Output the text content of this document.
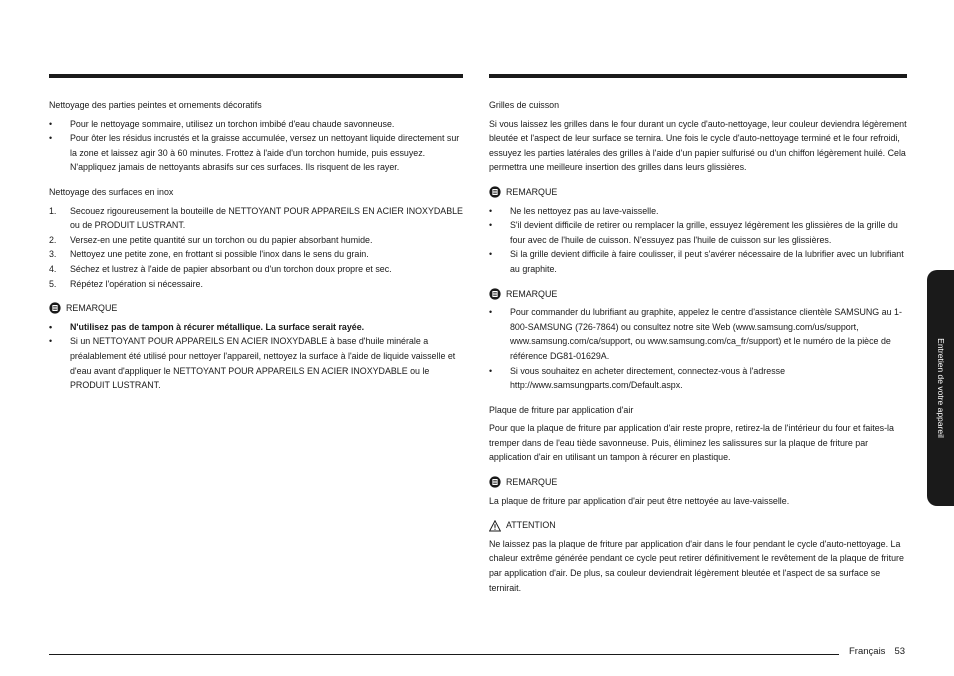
Nettoyage des parties peintes et ornements décoratifs
• Pour le nettoyage sommaire, utilisez un torchon imbibé d'eau chaude savonneuse.
• Pour ôter les résidus incrustés et la graisse accumulée, versez un nettoyant liquide directement sur la zone et laissez agir 30 à 60 minutes. Frottez à l'aide d'un torchon humide, puis essuyez. N'appliquez jamais de nettoyants abrasifs sur ces surfaces. Ils risquent de les rayer.
Nettoyage des surfaces en inox
1. Secouez rigoureusement la bouteille de NETTOYANT POUR APPAREILS EN ACIER INOXYDABLE ou de PRODUIT LUSTRANT.
2. Versez-en une petite quantité sur un torchon ou du papier absorbant humide.
3. Nettoyez une petite zone, en frottant si possible l'inox dans le sens du grain.
4. Séchez et lustrez à l'aide de papier absorbant ou d'un torchon doux propre et sec.
5. Répétez l'opération si nécessaire.
REMARQUE
• N'utilisez pas de tampon à récurer métallique. La surface serait rayée.
• Si un NETTOYANT POUR APPAREILS EN ACIER INOXYDABLE à base d'huile minérale a préalablement été utilisé pour nettoyer l'appareil, nettoyez la surface à l'aide de liquide vaisselle et d'eau avant d'appliquer le NETTOYANT POUR APPAREILS EN ACIER INOXYDABLE ou le PRODUIT LUSTRANT.
Grilles de cuisson

Si vous laissez les grilles dans le four durant un cycle d'auto-nettoyage, leur couleur deviendra légèrement bleutée et l'aspect de leur surface se ternira. Une fois le cycle d'auto-nettoyage terminé et le four refroidi, essuyez les parties latérales des grilles à l'aide d'un papier sulfurisé ou d'un chiffon légèrement huilé. Cela permettra une meilleure insertion des grilles dans leurs glissières.

REMARQUE
• Ne les nettoyez pas au lave-vaisselle.
• S'il devient difficile de retirer ou remplacer la grille, essuyez légèrement les glissières de la grille du four avec de l'huile de cuisson. N'essuyez pas l'huile de cuisson sur les glissières.
• Si la grille devient difficile à faire coulisser, il peut s'avérer nécessaire de la lubrifier avec un lubrifiant au graphite.
REMARQUE
• Pour commander du lubrifiant au graphite, appelez le centre d'assistance clientèle SAMSUNG au 1-800-SAMSUNG (726-7864) ou consultez notre site Web (www.samsung.com/us/support, www.samsung.com/ca/support, ou www.samsung.com/ca_fr/support) et le numéro de la pièce de référence DG81-01629A.
• Si vous souhaitez en acheter directement, connectez-vous à l'adresse http://www.samsungparts.com/Default.aspx.
Plaque de friture par application d'air

Pour que la plaque de friture par application d'air reste propre, retirez-la de l'intérieur du four et faites-la tremper dans de l'eau tiède savonneuse. Puis, éliminez les salissures sur la plaque de friture par application d'air en utilisant un tampon à récurer en plastique.

REMARQUE

La plaque de friture par application d'air peut être nettoyée au lave-vaisselle.

ATTENTION

Ne laissez pas la plaque de friture par application d'air dans le four pendant le cycle d'auto-nettoyage. La chaleur extrême générée pendant ce cycle peut retirer définitivement le revêtement de la plaque de friture par application d'air. De plus, sa couleur deviendrait légèrement bleutée et l'aspect de sa surface se ternirait.

Entretien de votre appareil
Français 53
